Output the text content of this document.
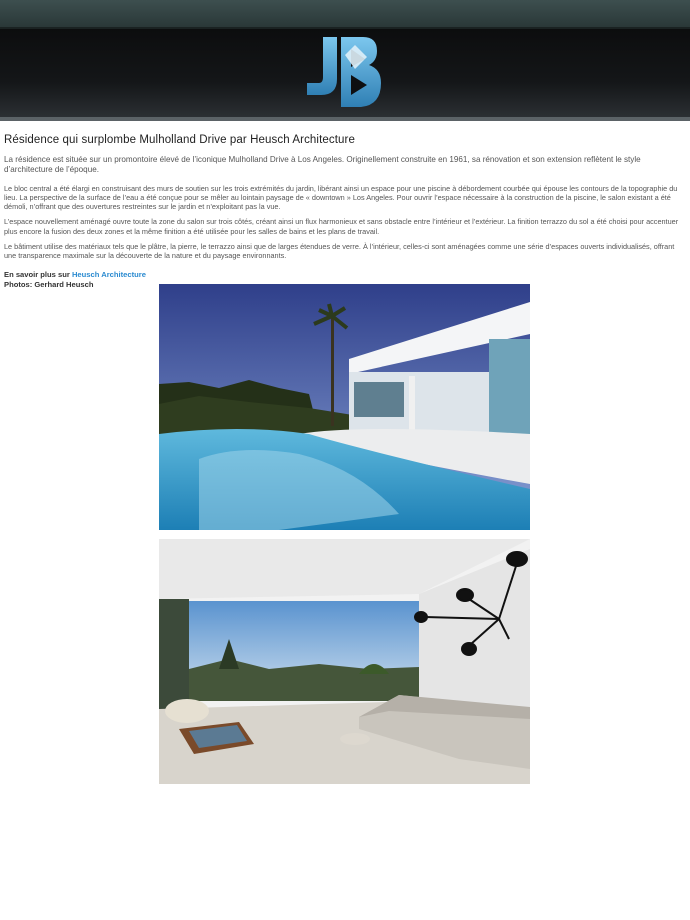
Résidence qui surplombe Mulholland Drive par Heusch Architecture

La résidence est située sur un promontoire élevé de l’iconique Mulholland Drive à Los Angeles. Originellement construite en 1961, sa rénovation et son extension reflètent le style d’architecture de l’époque.

Le bloc central a été élargi en construisant des murs de soutien sur les trois extrémités du jardin, libérant ainsi un espace pour une piscine à débordement courbée qui épouse les contours de la topographie du lieu. La perspective de la surface de l’eau a été conçue pour se mêler au lointain paysage de « downtown » Los Angeles. Pour ouvrir l’espace nécessaire à la construction de la piscine, le salon existant a été démoli, n’offrant que des ouvertures restreintes sur le jardin et n’exploitant pas la vue.

L’espace nouvellement aménagé ouvre toute la zone du salon sur trois côtés, créant ainsi un flux harmonieux et sans obstacle entre l’intérieur et l’extérieur. La finition terrazzo du sol a été choisi pour accentuer plus encore la fusion des deux zones et la même finition a été utilisée pour les salles de bains et les plans de travail.

Le bâtiment utilise des matériaux tels que le plâtre, la pierre, le terrazzo ainsi que de larges étendues de verre. À l’intérieur, celles-ci sont aménagées comme une série d’espaces ouverts individualisés, offrant une transparence maximale sur la découverte de la nature et du paysage environnants.

En savoir plus sur Heusch Architecture
Photos: Gerhard Heusch
